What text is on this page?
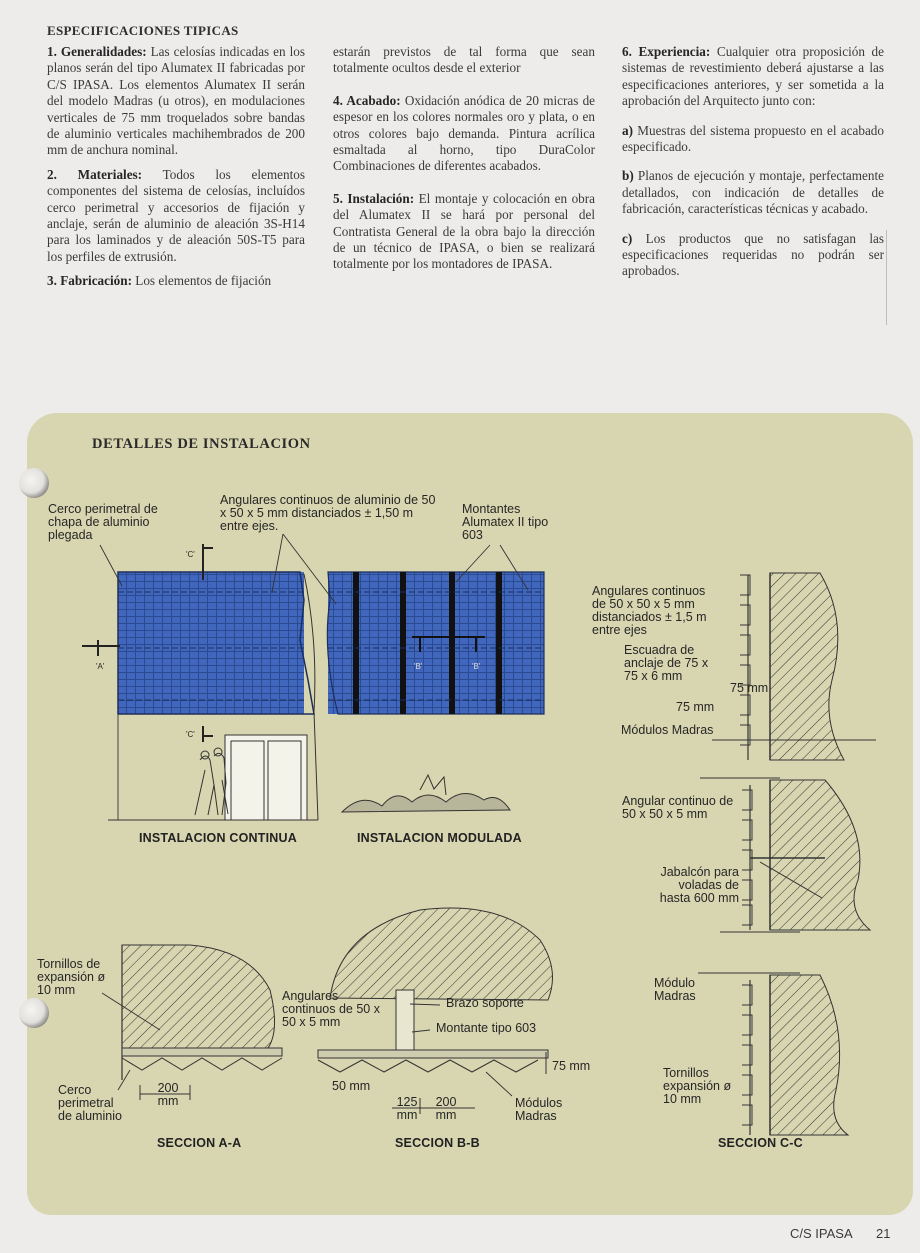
ESPECIFICACIONES TIPICAS

1. Generalidades: Las celosías indicadas en los planos serán del tipo Alumatex II fabricadas por C/S IPASA. Los elementos Alumatex II serán del modelo Madras (u otros), en modulaciones verticales de 75 mm troquelados sobre bandas de aluminio verticales machihembrados de 200 mm de anchura nominal.

2. Materiales: Todos los elementos componentes del sistema de celosías, incluídos cerco perimetral y accesorios de fijación y anclaje, serán de aluminio de aleación 3S-H14 para los laminados y de aleación 50S-T5 para los perfiles de extrusión.

3. Fabricación: Los elementos de fijación

estarán previstos de tal forma que sean totalmente ocultos desde el exterior

4. Acabado: Oxidación anódica de 20 micras de espesor en los colores normales oro y plata, o en otros colores bajo demanda. Pintura acrílica esmaltada al horno, tipo DuraColor Combinaciones de diferentes acabados.

5. Instalación: El montaje y colocación en obra del Alumatex II se hará por personal del Contratista General de la obra bajo la dirección de un técnico de IPASA, o bien se realizará totalmente por los montadores de IPASA.

6. Experiencia: Cualquier otra proposición de sistemas de revestimiento deberá ajustarse a las especificaciones anteriores, y ser sometida a la aprobación del Arquitecto junto con:

a) Muestras del sistema propuesto en el acabado especificado.

b) Planos de ejecución y montaje, perfectamente detallados, con indicación de detalles de fabricación, características técnicas y acabado.

c) Los productos que no satisfagan las especificaciones requeridas no podrán ser aprobados.

DETALLES DE INSTALACION
Cerco perimetral de chapa de aluminio plegada
Angulares continuos de aluminio de 50 x 50 x 5 mm distanciados ± 1,50 m entre ejes.
Montantes Alumatex II tipo 603
'C'
'C'
'A'	'B'	'B'
INSTALACION CONTINUA	INSTALACION MODULADA
Angulares continuos de 50 x 50 x 5 mm distanciados ± 1,5 m entre ejes
Escuadra de anclaje de 75 x 75 x 6 mm
75 mm
75 mm
Módulos Madras
Angular continuo de 50 x 50 x 5 mm
Jabalcón para voladas de hasta 600 mm
Módulo Madras
Tornillos expansión ø 10 mm
Tornillos de expansión ø 10 mm
Cerco perimetral de aluminio
200 mm
Angulares continuos de 50 x 50 x 5 mm
Brazo soporte
Montante tipo 603
75 mm
50 mm
125 mm
200 mm
Módulos Madras
SECCION A-A	SECCION B-B	SECCION C-C
C/S IPASA 21
